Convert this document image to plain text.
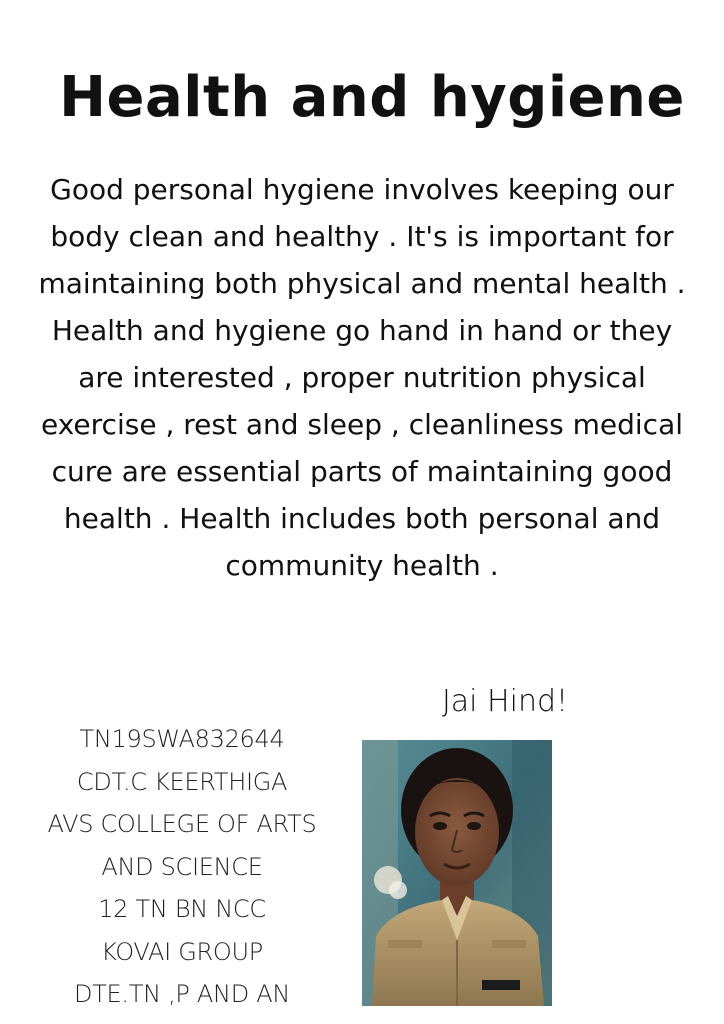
Health and hygiene

Good personal hygiene involves keeping our body clean and healthy . It's is important for maintaining both physical and mental health .

Health and hygiene go hand in hand or they are interested , proper nutrition physical exercise , rest and sleep , cleanliness medical cure are essential parts of maintaining good health . Health includes both personal and community health .

Jai Hind!
TN19SWA832644
CDT.C KEERTHIGA
AVS COLLEGE OF ARTS
AND SCIENCE
12 TN BN NCC
KOVAI GROUP
DTE.TN ,P AND AN
